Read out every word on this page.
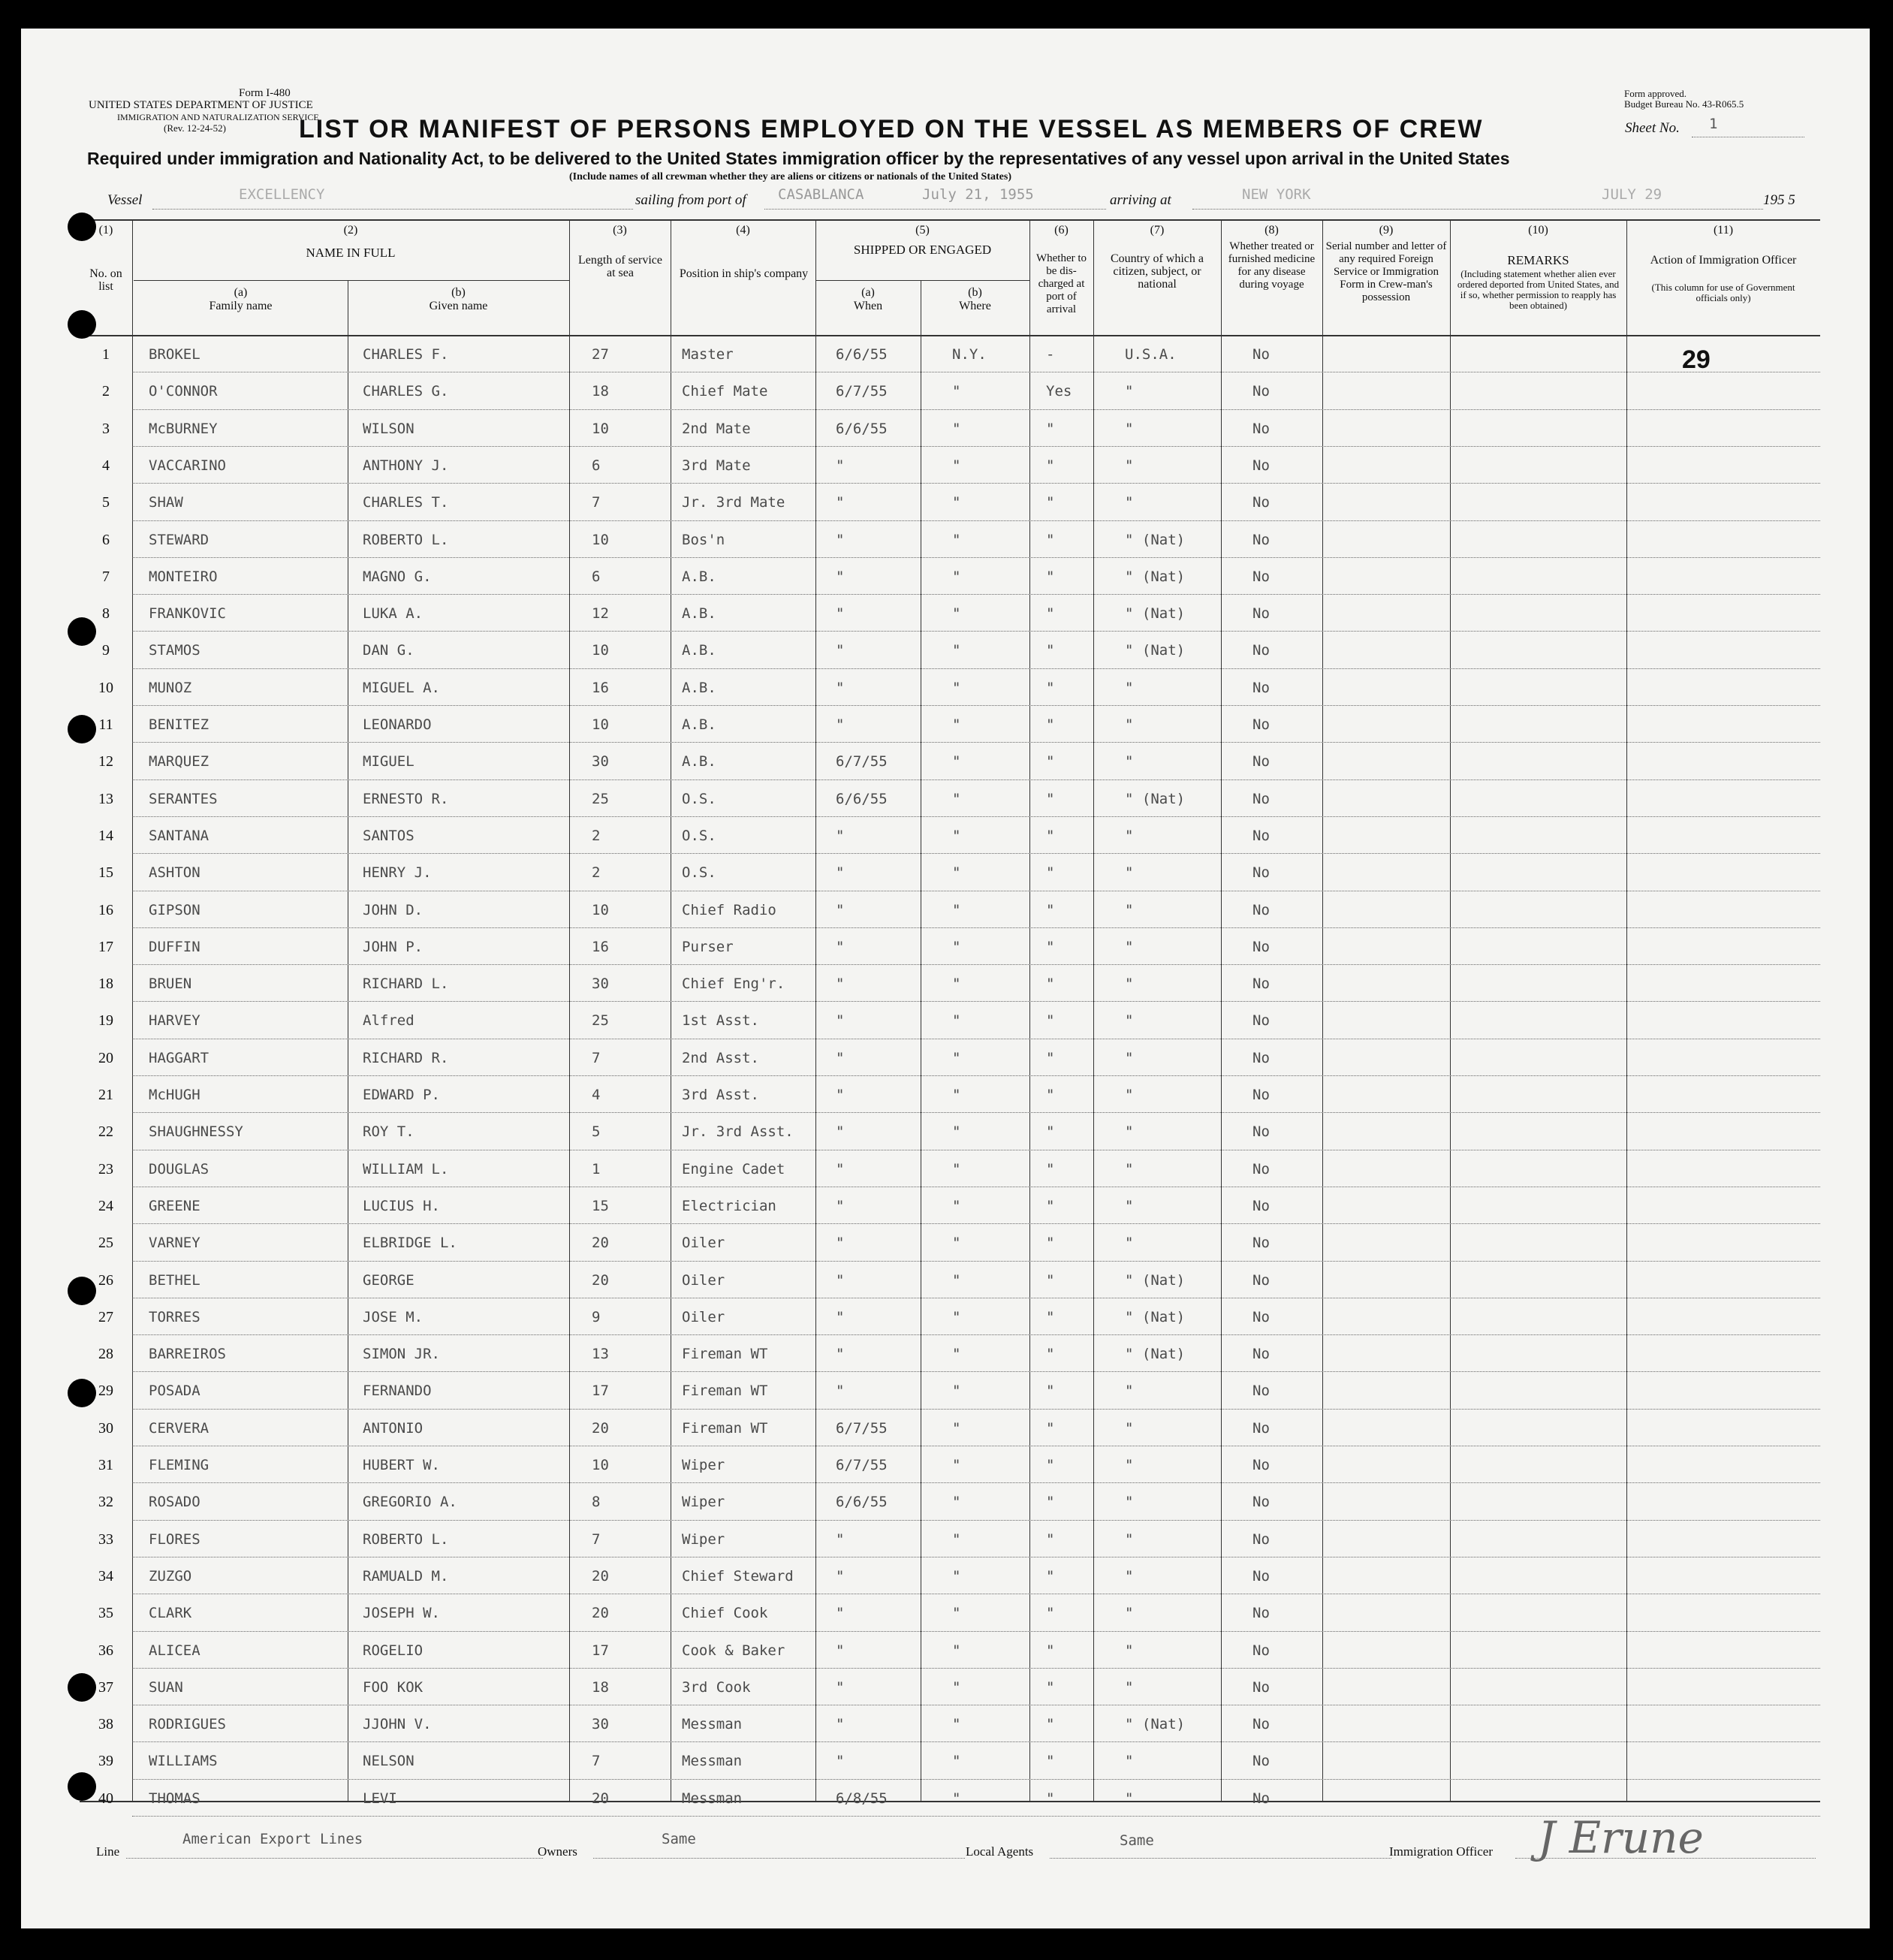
Form I-480
UNITED STATES DEPARTMENT OF JUSTICE
IMMIGRATION AND NATURALIZATION SERVICE
(Rev. 12-24-52)
Form approved.
Budget Bureau No. 43-R065.5
Sheet No. 1
LIST OR MANIFEST OF PERSONS EMPLOYED ON THE VESSEL AS MEMBERS OF CREW
Required under immigration and Nationality Act, to be delivered to the United States immigration officer by the representatives of any vessel upon arrival in the United States
(Include names of all crewman whether they are aliens or citizens or nationals of the United States)
Vessel	EXCELLENCY	sailing from port of CASABLANCA	July 21, 1955	arriving at	NEW YORK	JULY 29	195 5
(1)	(2)	(3)	(4)	(5)	(6)	(7)	(8)	(9)	(10)	(11)
No. on list
NAME IN FULL
(a)
Family name
(b)
Given name
Length of service at sea	Position in ship's company
SHIPPED OR ENGAGED
(a)
When
(b)
Where
Whether to be dis-charged at port of arrival
Country of which a citizen, subject, or national
Whether treated or furnished medicine for any disease during voyage
Serial number and letter of any required Foreign Service or Immigration Form in Crew-man's possession
REMARKS
(Including statement whether alien ever ordered deported from United States, and if so, whether permission to reapply has been obtained)
Action of Immigration Officer
(This column for use of Government officials only)
1	BROKEL	CHARLES F.	27	Master	6/6/55	N.Y.	-	U.S.A.	No
2	O'CONNOR	CHARLES G.	18	Chief Mate	6/7/55	"	Yes	"	No
3	McBURNEY	WILSON	10	2nd Mate	6/6/55	"	"	"	No
4	VACCARINO	ANTHONY J.	6	3rd Mate	"	"	"	"	No
5	SHAW	CHARLES T.	7	Jr. 3rd Mate	"	"	"	"	No
6	STEWARD	ROBERTO L.	10	Bos'n	"	"	"	" (Nat)	No
7	MONTEIRO	MAGNO G.	6	A.B.	"	"	"	" (Nat)	No
8	FRANKOVIC	LUKA A.	12	A.B.	"	"	"	" (Nat)	No
9	STAMOS	DAN G.	10	A.B.	"	"	"	" (Nat)	No
10	MUNOZ	MIGUEL A.	16	A.B.	"	"	"	"	No
11	BENITEZ	LEONARDO	10	A.B.	"	"	"	"	No
12	MARQUEZ	MIGUEL	30	A.B.	6/7/55	"	"	"	No
13	SERANTES	ERNESTO R.	25	O.S.	6/6/55	"	"	" (Nat)	No
14	SANTANA	SANTOS	2	O.S.	"	"	"	"	No
15	ASHTON	HENRY J.	2	O.S.	"	"	"	"	No
16	GIPSON	JOHN D.	10	Chief Radio	"	"	"	"	No
17	DUFFIN	JOHN P.	16	Purser	"	"	"	"	No
18	BRUEN	RICHARD L.	30	Chief Eng'r.	"	"	"	"	No
19	HARVEY	Alfred	25	1st Asst.	"	"	"	"	No
20	HAGGART	RICHARD R.	7	2nd Asst.	"	"	"	"	No
21	McHUGH	EDWARD P.	4	3rd Asst.	"	"	"	"	No
22	SHAUGHNESSY	ROY T.	5	Jr. 3rd Asst.	"	"	"	"	No
23	DOUGLAS	WILLIAM L.	1	Engine Cadet	"	"	"	"	No
24	GREENE	LUCIUS H.	15	Electrician	"	"	"	"	No
25	VARNEY	ELBRIDGE L.	20	Oiler	"	"	"	"	No
26	BETHEL	GEORGE	20	Oiler	"	"	"	" (Nat)	No
27	TORRES	JOSE M.	9	Oiler	"	"	"	" (Nat)	No
28	BARREIROS	SIMON JR.	13	Fireman WT	"	"	"	" (Nat)	No
29	POSADA	FERNANDO	17	Fireman WT	"	"	"	"	No
30	CERVERA	ANTONIO	20	Fireman WT	6/7/55	"	"	"	No
31	FLEMING	HUBERT W.	10	Wiper	6/7/55	"	"	"	No
32	ROSADO	GREGORIO A.	8	Wiper	6/6/55	"	"	"	No
33	FLORES	ROBERTO L.	7	Wiper	"	"	"	"	No
34	ZUZGO	RAMUALD M.	20	Chief Steward	"	"	"	"	No
35	CLARK	JOSEPH W.	20	Chief Cook	"	"	"	"	No
36	ALICEA	ROGELIO	17	Cook & Baker	"	"	"	"	No
37	SUAN	FOO KOK	18	3rd Cook	"	"	"	"	No
38	RODRIGUES	JJOHN V.	30	Messman	"	"	"	" (Nat)	No
39	WILLIAMS	NELSON	7	Messman	"	"	"	"	No
40	THOMAS	LEVI	20	Messman	6/8/55	"	"	"	No
29
Line
American Export Lines
Owners
Same
Local Agents
Same
Immigration Officer J Erune
